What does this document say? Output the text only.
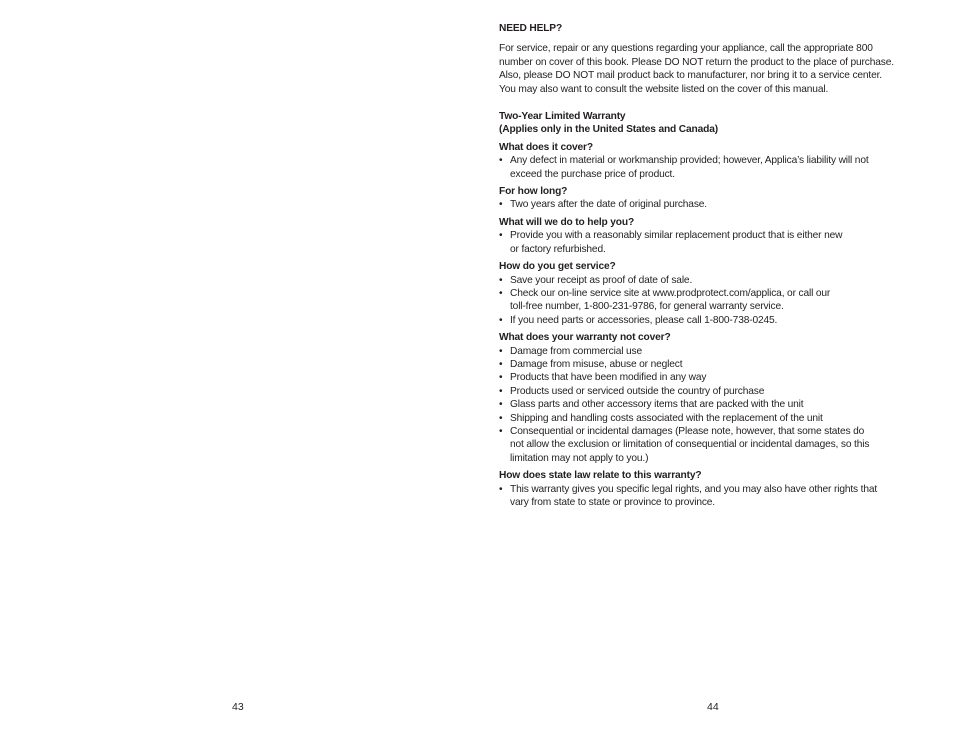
43

NEED HELP?

For service, repair or any questions regarding your appliance, call the appropriate 800
number on cover of this book. Please DO NOT return the product to the place of purchase.
Also, please DO NOT mail product back to manufacturer, nor bring it to a service center.
You may also want to consult the website listed on the cover of this manual.

Two-Year Limited Warranty

(Applies only in the United States and Canada)

What does it cover?

• Any defect in material or workmanship provided; however, Applica’s liability will not
exceed the purchase price of product.

For how long?

• Two years after the date of original purchase.

What will we do to help you?

• Provide you with a reasonably similar replacement product that is either new
or factory refurbished.

How do you get service?

• Save your receipt as proof of date of sale.
• Check our on-line service site at www.prodprotect.com/applica, or call our
toll-free number, 1-800-231-9786, for general warranty service.
• If you need parts or accessories, please call 1-800-738-0245.

What does your warranty not cover?

• Damage from commercial use
• Damage from misuse, abuse or neglect
• Products that have been modified in any way
• Products used or serviced outside the country of purchase
• Glass parts and other accessory items that are packed with the unit
• Shipping and handling costs associated with the replacement of the unit
• Consequential or incidental damages (Please note, however, that some states do
not allow the exclusion or limitation of consequential or incidental damages, so this
limitation may not apply to you.)

How does state law relate to this warranty?

• This warranty gives you specific legal rights, and you may also have other rights that
vary from state to state or province to province.
44
